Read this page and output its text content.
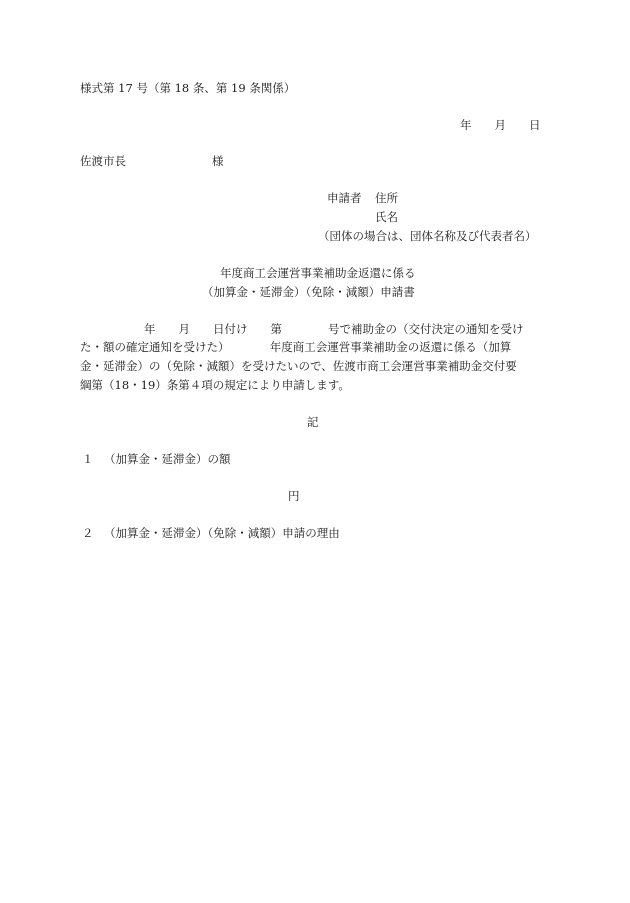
様式第 17 号（第 18 条、第 19 条関係）
年　　月　　日
佐渡市長	様
申請者 住所
氏名
（団体の場合は、団体名称及び代表者名）
年度商工会運営事業補助金返還に係る
（加算金・延滞金）（免除・減額）申請書
年　　月　　日付け　　第　　　　号で補助金の（交付決定の通知を受け
た・額の確定通知を受けた）　　　　年度商工会運営事業補助金の返還に係る（加算
金・延滞金）の（免除・減額）を受けたいので、佐渡市商工会運営事業補助金交付要
綱第（18・19）条第４項の規定により申請します。
記
１ （加算金・延滞金）の額
円
２ （加算金・延滞金）（免除・減額）申請の理由
